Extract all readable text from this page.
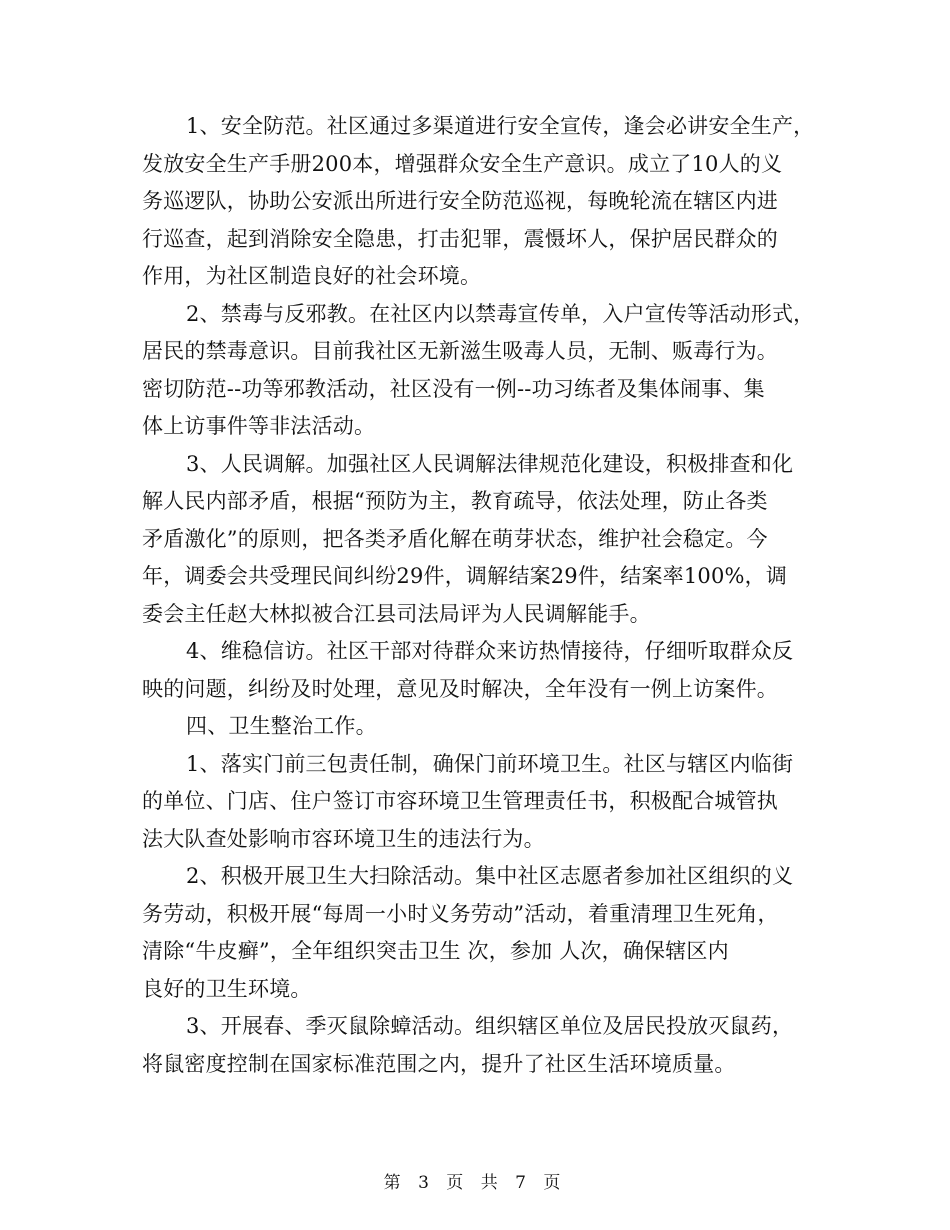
1、安全防范。社区通过多渠道进行安全宣传，逢会必讲安全生产，
发放安全生产手册200本，增强群众安全生产意识。成立了10人的义
务巡逻队，协助公安派出所进行安全防范巡视，每晚轮流在辖区内进
行巡查，起到消除安全隐患，打击犯罪，震慑坏人，保护居民群众的
作用，为社区制造良好的社会环境。
2、禁毒与反邪教。在社区内以禁毒宣传单，入户宣传等活动形式，
居民的禁毒意识。目前我社区无新滋生吸毒人员，无制、贩毒行为。
密切防范--功等邪教活动，社区没有一例--功习练者及集体闹事、集
体上访事件等非法活动。
3、人民调解。加强社区人民调解法律规范化建设，积极排查和化
解人民内部矛盾，根据“预防为主，教育疏导，依法处理，防止各类
矛盾激化”的原则，把各类矛盾化解在萌芽状态，维护社会稳定。今
年，调委会共受理民间纠纷29件，调解结案29件，结案率100%，调
委会主任赵大林拟被合江县司法局评为人民调解能手。
4、维稳信访。社区干部对待群众来访热情接待，仔细听取群众反
映的问题，纠纷及时处理，意见及时解决，全年没有一例上访案件。
四、卫生整治工作。
1、落实门前三包责任制，确保门前环境卫生。社区与辖区内临街
的单位、门店、住户签订市容环境卫生管理责任书，积极配合城管执
法大队查处影响市容环境卫生的违法行为。
2、积极开展卫生大扫除活动。集中社区志愿者参加社区组织的义
务劳动，积极开展“每周一小时义务劳动”活动，着重清理卫生死角，
清除“牛皮癣”，全年组织突击卫生 次，参加 人次，确保辖区内
良好的卫生环境。
3、开展春、季灭鼠除蟑活动。组织辖区单位及居民投放灭鼠药，
将鼠密度控制在国家标准范围之内，提升了社区生活环境质量。
第 3 页 共 7 页
